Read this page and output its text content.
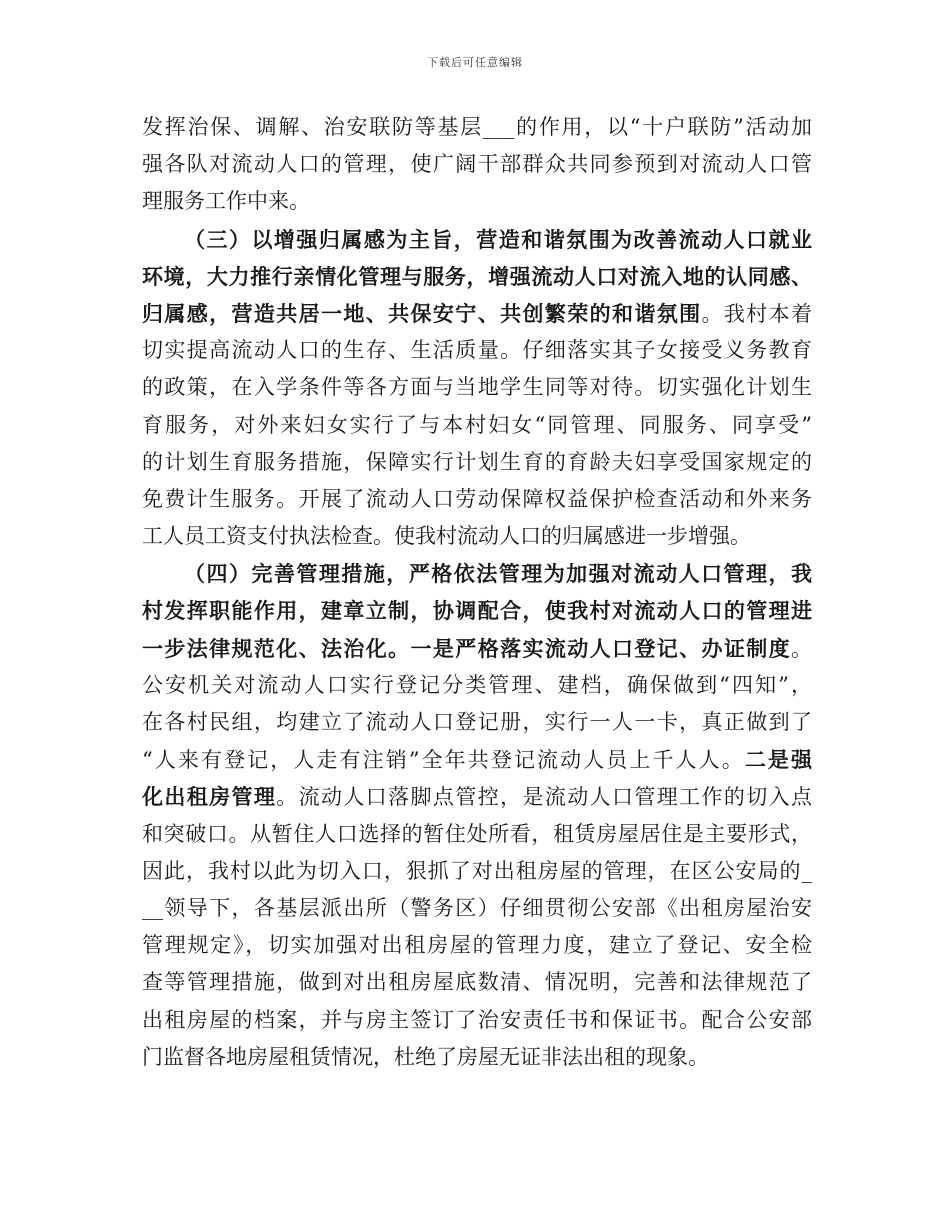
下载后可任意编辑
发挥治保、调解、治安联防等基层___的作用，以“十户联防”活动加
强各队对流动人口的管理，使广阔干部群众共同参预到对流动人口管
理服务工作中来。
（三）以增强归属感为主旨，营造和谐氛围为改善流动人口就业
环境，大力推行亲情化管理与服务，增强流动人口对流入地的认同感、
归属感，营造共居一地、共保安宁、共创繁荣的和谐氛围。我村本着
切实提高流动人口的生存、生活质量。仔细落实其子女接受义务教育
的政策，在入学条件等各方面与当地学生同等对待。切实强化计划生
育服务，对外来妇女实行了与本村妇女“同管理、同服务、同享受”
的计划生育服务措施，保障实行计划生育的育龄夫妇享受国家规定的
免费计生服务。开展了流动人口劳动保障权益保护检查活动和外来务
工人员工资支付执法检查。使我村流动人口的归属感进一步增强。
（四）完善管理措施，严格依法管理为加强对流动人口管理，我
村发挥职能作用，建章立制，协调配合，使我村对流动人口的管理进
一步法律规范化、法治化。一是严格落实流动人口登记、办证制度。
公安机关对流动人口实行登记分类管理、建档，确保做到“四知”，
在各村民组，均建立了流动人口登记册，实行一人一卡，真正做到了
“人来有登记，人走有注销”全年共登记流动人员上千人人。二是强
化出租房管理。流动人口落脚点管控，是流动人口管理工作的切入点
和突破口。从暂住人口选择的暂住处所看，租赁房屋居住是主要形式，
因此，我村以此为切入口，狠抓了对出租房屋的管理，在区公安局的_
__领导下，各基层派出所（警务区）仔细贯彻公安部《出租房屋治安
管理规定》，切实加强对出租房屋的管理力度，建立了登记、安全检
查等管理措施，做到对出租房屋底数清、情况明，完善和法律规范了
出租房屋的档案，并与房主签订了治安责任书和保证书。配合公安部
门监督各地房屋租赁情况，杜绝了房屋无证非法出租的现象。
